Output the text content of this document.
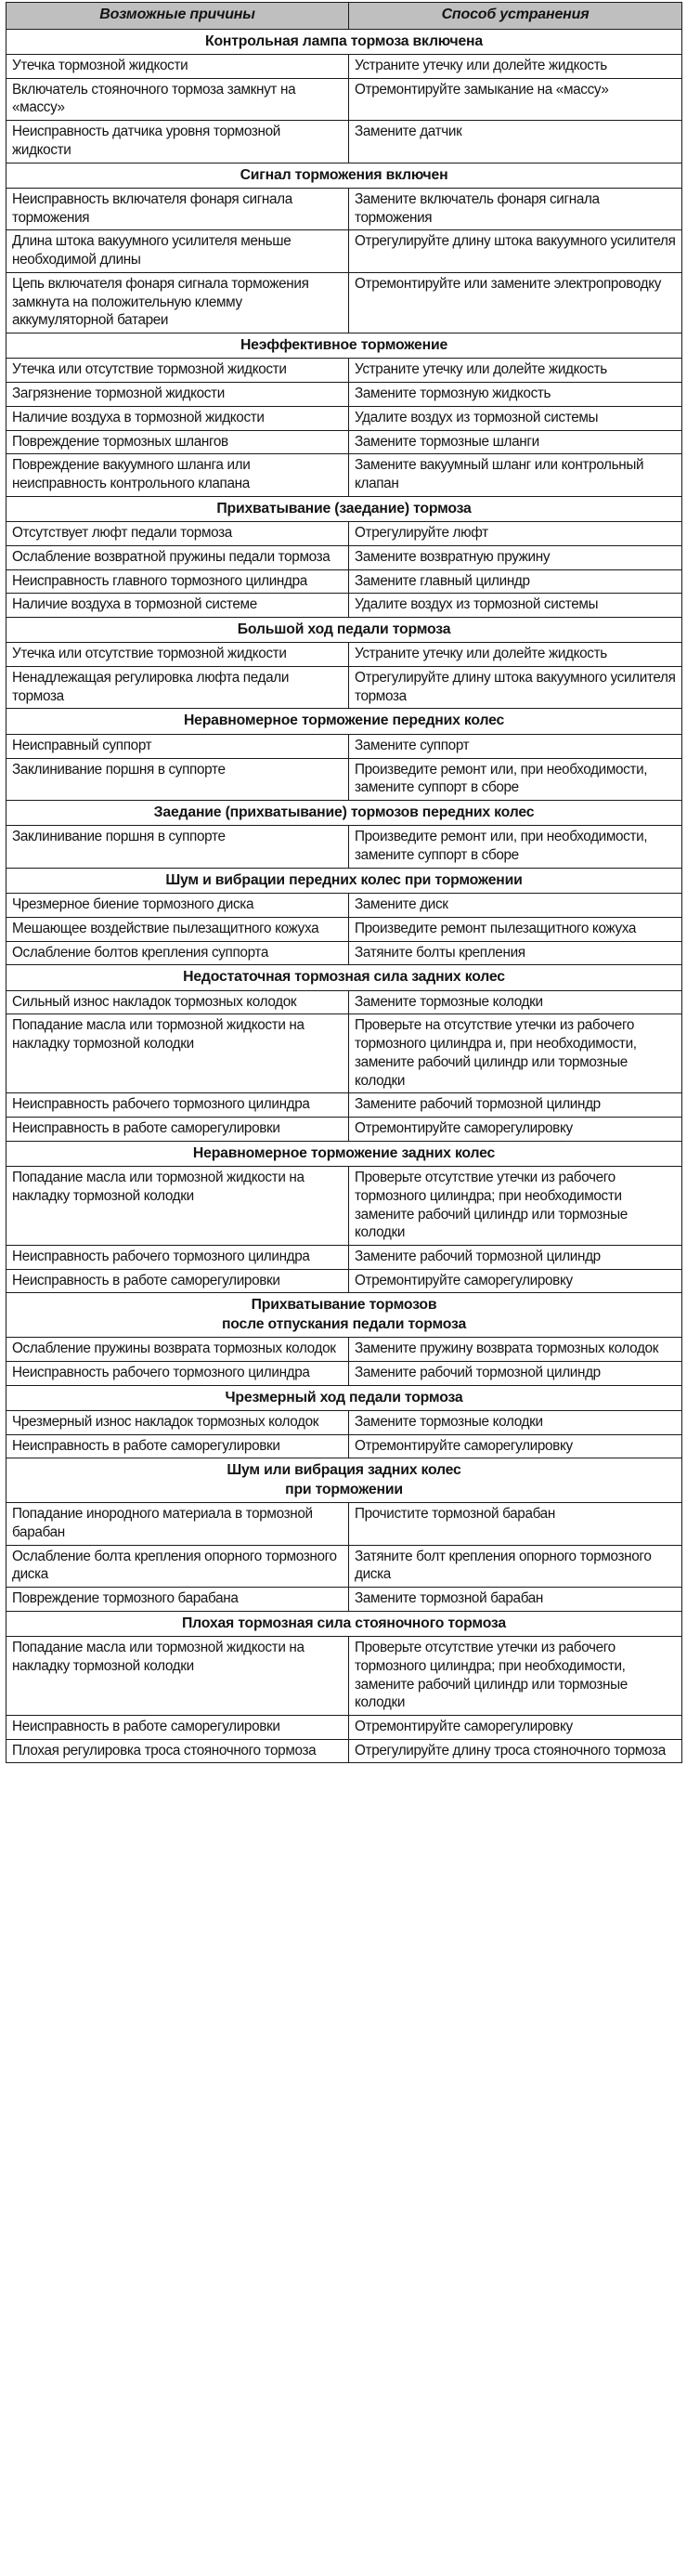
Возможные причины	Способ устранения

Контрольная лампа тормоза включена	

Утечка тормозной жидкости	Устраните утечку или долейте жидкость
Включатель стояночного тормоза замкнут на «массу»	Отремонтируйте замыкание на «массу»
Неисправность датчика уровня тормозной жидкости	Замените датчик

Сигнал торможения включен	

Неисправность включателя фонаря сигнала торможения	Замените включатель фонаря сигнала торможения
Длина штока вакуумного усилителя меньше необходимой длины	Отрегулируйте длину штока вакуумного усилителя
Цепь включателя фонаря сигнала торможения замкнута на положительную клемму аккумуляторной батареи	Отремонтируйте или замените электропроводку

Неэффективное торможение	

Утечка или отсутствие тормозной жидкости	Устраните утечку или долейте жидкость
Загрязнение тормозной жидкости	Замените тормозную жидкость
Наличие воздуха в тормозной жидкости	Удалите воздух из тормозной системы
Повреждение тормозных шлангов	Замените тормозные шланги
Повреждение вакуумного шланга или неисправность контрольного клапана	Замените вакуумный шланг или контрольный клапан

Прихватывание (заедание) тормоза	

Отсутствует люфт педали тормоза	Отрегулируйте люфт
Ослабление возвратной пружины педали тормоза	Замените возвратную пружину
Неисправность главного тормозного цилиндра	Замените главный цилиндр
Наличие воздуха в тормозной системе	Удалите воздух из тормозной системы

Большой ход педали тормоза	

Утечка или отсутствие тормозной жидкости	Устраните утечку или долейте жидкость
Ненадлежащая регулировка люфта педали тормоза	Отрегулируйте длину штока вакуумного усилителя тормоза

Неравномерное торможение передних колес	

Неисправный суппорт	Замените суппорт
Заклинивание поршня в суппорте	Произведите ремонт или, при необходимости, замените суппорт в сборе

Заедание (прихватывание) тормозов передних колес	

Заклинивание поршня в суппорте	Произведите ремонт или, при необходимости, замените суппорт в сборе

Шум и вибрации передних колес при торможении	

Чрезмерное биение тормозного диска	Замените диск
Мешающее воздействие пылезащитного кожуха	Произведите ремонт пылезащитного кожуха
Ослабление болтов крепления суппорта	Затяните болты крепления

Недостаточная тормозная сила задних колес	

Сильный износ накладок тормозных колодок	Замените тормозные колодки
Попадание масла или тормозной жидкости на накладку тормозной колодки	Проверьте на отсутствие утечки из рабочего тормозного цилиндра и, при необходимости, замените рабочий цилиндр или тормозные колодки
Неисправность рабочего тормозного цилиндра	Замените рабочий тормозной цилиндр
Неисправность в работе саморегулировки	Отремонтируйте саморегулировку

Неравномерное торможение задних колес	

Попадание масла или тормозной жидкости на накладку тормозной колодки	Проверьте отсутствие утечки из рабочего тормозного цилиндра; при необходимости замените рабочий цилиндр или тормозные колодки
Неисправность рабочего тормозного цилиндра	Замените рабочий тормозной цилиндр
Неисправность в работе саморегулировки	Отремонтируйте саморегулировку

Прихватывание тормозов
после отпускания педали тормоза	

Ослабление пружины возврата тормозных колодок	Замените пружину возврата тормозных колодок
Неисправность рабочего тормозного цилиндра	Замените рабочий тормозной цилиндр

Чрезмерный ход педали тормоза	

Чрезмерный износ накладок тормозных колодок	Замените тормозные колодки
Неисправность в работе саморегулировки	Отремонтируйте саморегулировку

Шум или вибрация задних колес
при торможении	

Попадание инородного материала в тормозной барабан	Прочистите тормозной барабан
Ослабление болта крепления опорного тормозного диска	Затяните болт крепления опорного тормозного диска
Повреждение тормозного барабана	Замените тормозной барабан

Плохая тормозная сила стояночного тормоза	

Попадание масла или тормозной жидкости на накладку тормозной колодки	Проверьте отсутствие утечки из рабочего тормозного цилиндра; при необходимости, замените рабочий цилиндр или тормозные колодки
Неисправность в работе саморегулировки	Отремонтируйте саморегулировку
Плохая регулировка троса стояночного тормоза	Отрегулируйте длину троса стояночного тормоза
